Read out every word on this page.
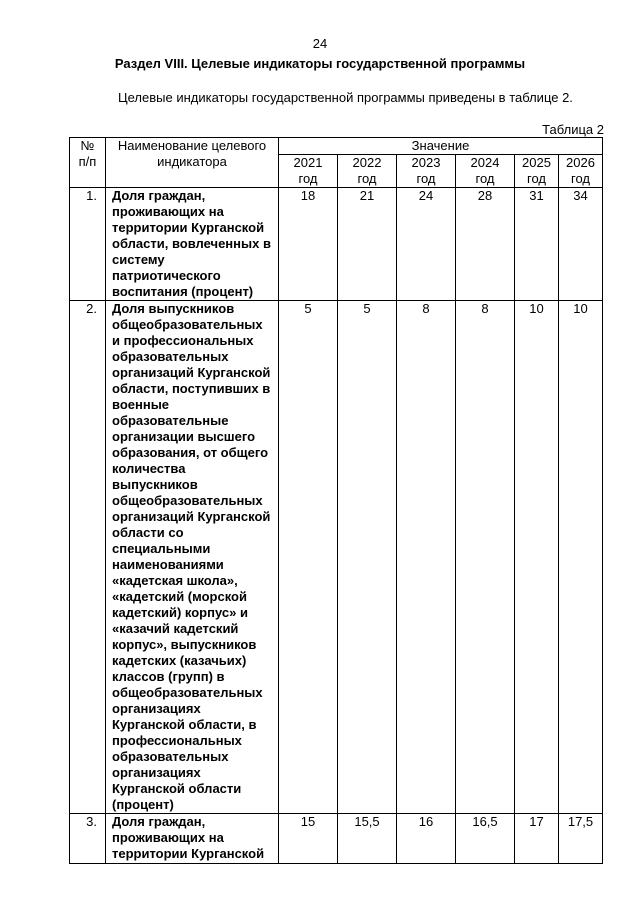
24
Раздел VIII. Целевые индикаторы государственной программы
Целевые индикаторы государственной программы приведены в таблице 2.
Таблица 2
№ п/п	Наименование целевого индикатора	Значение					
		2021 год	2022 год	2023 год	2024 год	2025 год	2026 год
1.	Доля граждан, проживающих на территории Курганской области, вовлеченных в систему патриотического воспитания (процент)	18	21	24	28	31	34
2.	Доля выпускников общеобразовательных и профессиональных образовательных организаций Курганской области, поступивших в военные образовательные организации высшего образования, от общего количества выпускников общеобразовательных организаций Курганской области со специальными наименованиями «кадетская школа», «кадетский (морской кадетский) корпус» и «казачий кадетский корпус», выпускников кадетских (казачьих) классов (групп) в общеобразовательных организациях Курганской области, в профессиональных образовательных организациях Курганской области (процент)	5	5	8	8	10	10
3.	Доля граждан, проживающих на территории Курганской	15	15,5	16	16,5	17	17,5
